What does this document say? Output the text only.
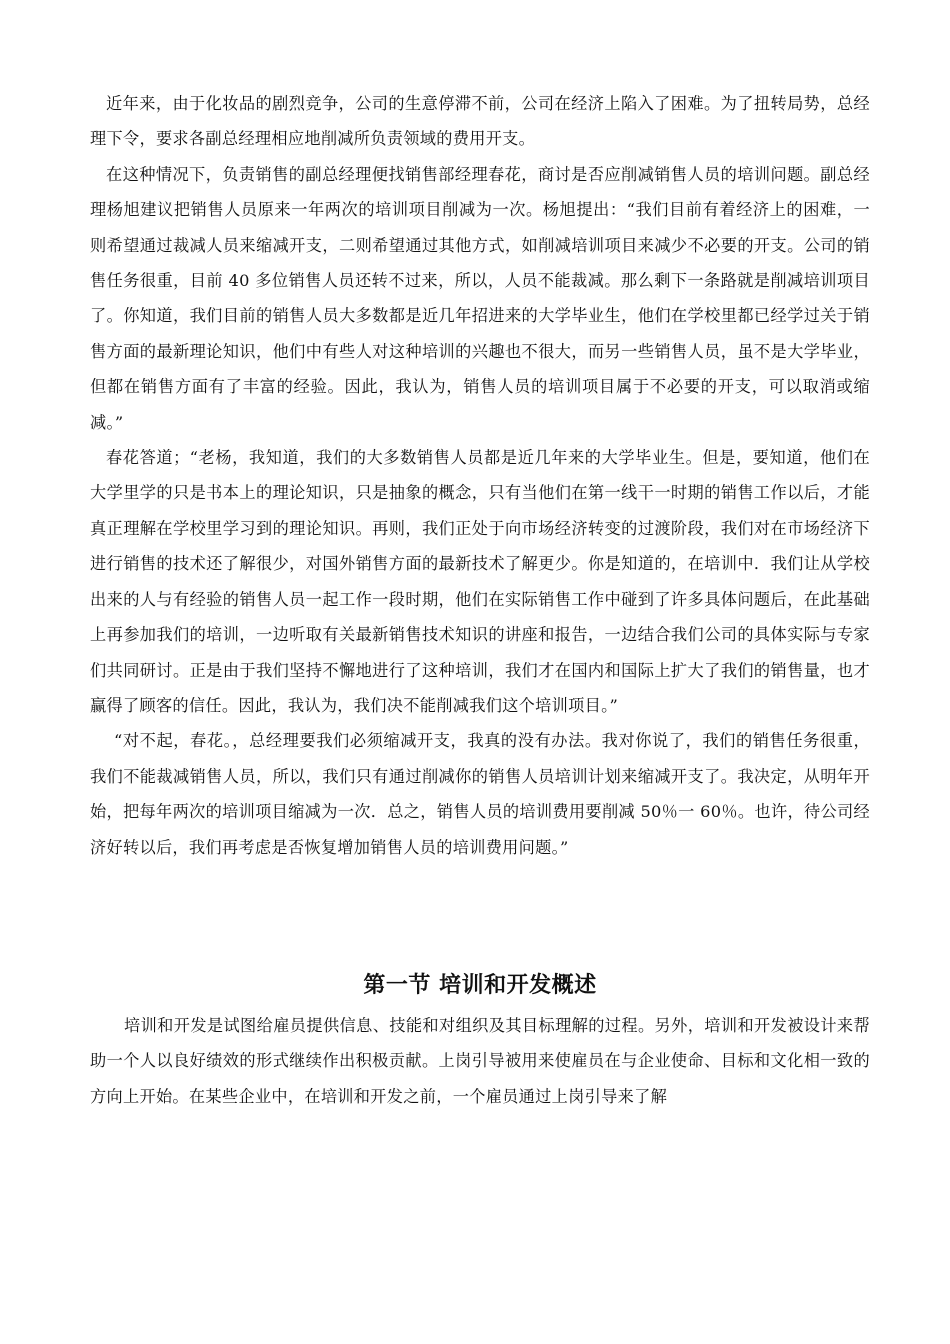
近年来，由于化妆品的剧烈竞争，公司的生意停滞不前，公司在经济上陷入了困难。为了扭转局势，总经理下令，要求各副总经理相应地削减所负责领域的费用开支。

在这种情况下，负责销售的副总经理便找销售部经理春花，商讨是否应削减销售人员的培训问题。副总经理杨旭建议把销售人员原来一年两次的培训项目削减为一次。杨旭提出：“我们目前有着经济上的困难，一则希望通过裁减人员来缩减开支，二则希望通过其他方式，如削减培训项目来减少不必要的开支。公司的销售任务很重，目前 40 多位销售人员还转不过来，所以，人员不能裁减。那么剩下一条路就是削减培训项目了。你知道，我们目前的销售人员大多数都是近几年招进来的大学毕业生，他们在学校里都已经学过关于销售方面的最新理论知识，他们中有些人对这种培训的兴趣也不很大，而另一些销售人员，虽不是大学毕业，但都在销售方面有了丰富的经验。因此，我认为，销售人员的培训项目属于不必要的开支，可以取消或缩减。”

春花答道；“老杨，我知道，我们的大多数销售人员都是近几年来的大学毕业生。但是，要知道，他们在大学里学的只是书本上的理论知识，只是抽象的概念，只有当他们在第一线干一时期的销售工作以后，才能真正理解在学校里学习到的理论知识。再则，我们正处于向市场经济转变的过渡阶段，我们对在市场经济下进行销售的技术还了解很少，对国外销售方面的最新技术了解更少。你是知道的，在培训中．我们让从学校出来的人与有经验的销售人员一起工作一段时期，他们在实际销售工作中碰到了许多具体问题后，在此基础上再参加我们的培训，一边听取有关最新销售技术知识的讲座和报告，一边结合我们公司的具体实际与专家们共同研讨。正是由于我们坚持不懈地进行了这种培训，我们才在国内和国际上扩大了我们的销售量，也才赢得了顾客的信任。因此，我认为，我们决不能削减我们这个培训项目。”

“对不起，春花。，总经理要我们必须缩减开支，我真的没有办法。我对你说了，我们的销售任务很重，我们不能裁减销售人员，所以，我们只有通过削减你的销售人员培训计划来缩减开支了。我决定，从明年开始，把每年两次的培训项目缩减为一次．总之，销售人员的培训费用要削减 50％一 60％。也许，待公司经济好转以后，我们再考虑是否恢复增加销售人员的培训费用问题。”

第一节 培训和开发概述

培训和开发是试图给雇员提供信息、技能和对组织及其目标理解的过程。另外，培训和开发被设计来帮助一个人以良好绩效的形式继续作出积极贡献。上岗引导被用来使雇员在与企业使命、目标和文化相一致的方向上开始。在某些企业中，在培训和开发之前，一个雇员通过上岗引导来了解
